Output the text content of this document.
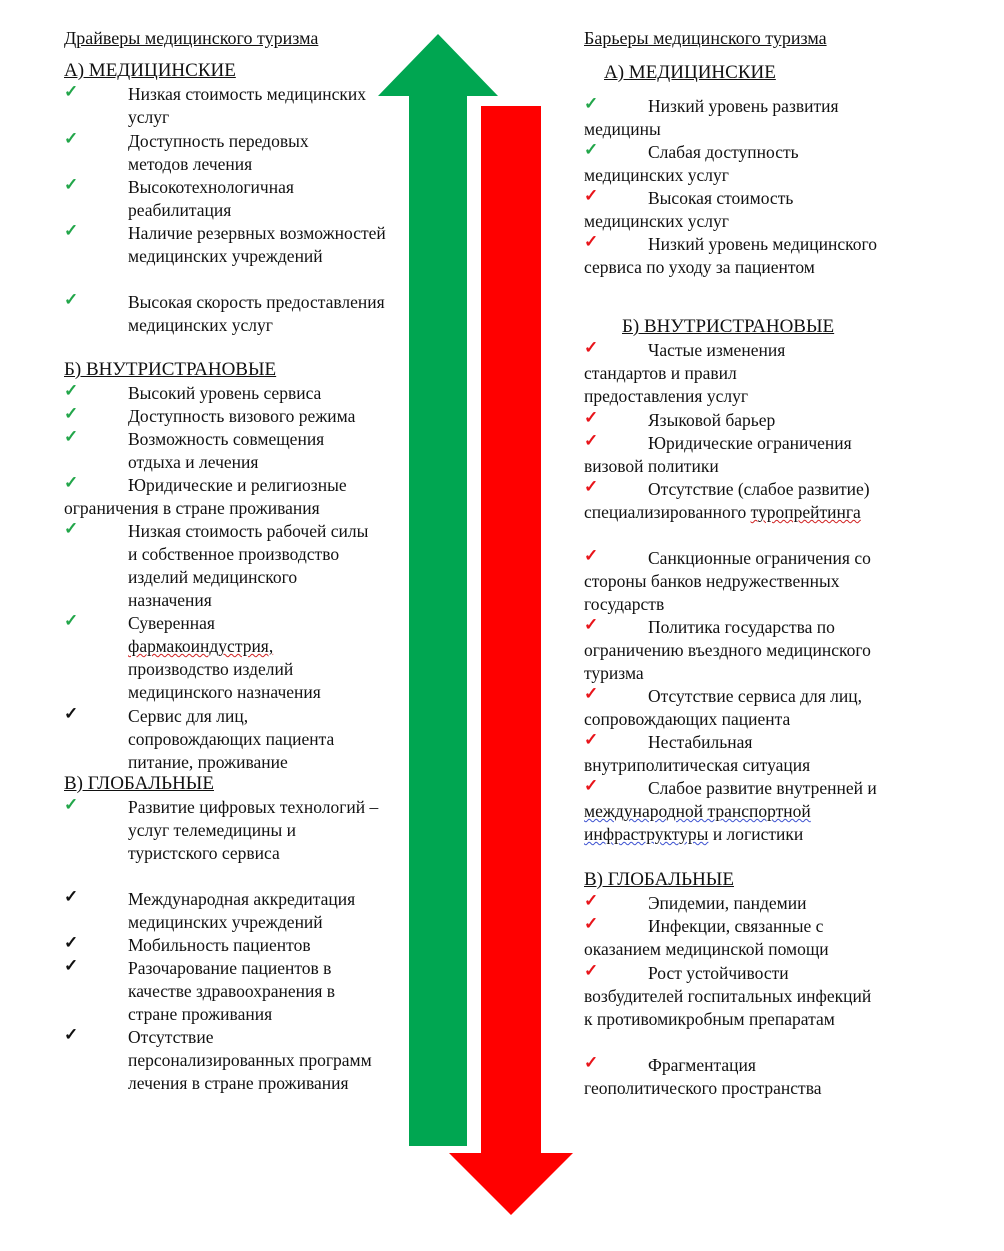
Драйверы медицинского туризма
А) МЕДИЦИНСКИЕ
✓	Низкая стоимость медицинских услуг
✓	Доступность передовых методов лечения
✓	Высокотехнологичная реабилитация
✓	Наличие резервных возможностей медицинских учреждений
✓	Высокая скорость предоставления медицинских услуг
Б) ВНУТРИСТРАНОВЫЕ
✓	Высокий уровень сервиса
✓	Доступность визового режима
✓	Возможность совмещения отдыха и лечения
✓	Юридические и религиозные
ограничения в стране проживания
✓	Низкая стоимость рабочей силы и собственное производство изделий медицинского назначения
✓	Суверенная
фармакоиндустрия,
производство изделий медицинского назначения
✓	Сервис для лиц, сопровождающих пациента питание, проживание
В) ГЛОБАЛЬНЫЕ
✓	Развитие цифровых технологий – услуг телемедицины и туристского сервиса
✓	Международная аккредитация медицинских учреждений
✓	Мобильность пациентов
✓	Разочарование пациентов в качестве здравоохранения в стране проживания
✓	Отсутствие персонализированных программ лечения в стране проживания
Барьеры медицинского туризма
А) МЕДИЦИНСКИЕ
✓	Низкий уровень развития медицины
✓	Слабая доступность медицинских услуг
✓	Высокая стоимость медицинских услуг
✓	Низкий уровень медицинского сервиса по уходу за пациентом
Б) ВНУТРИСТРАНОВЫЕ
✓	Частые изменения стандартов и правил предоставления услуг
✓	Языковой барьер
✓	Юридические ограничения визовой политики
✓	Отсутствие (слабое развитие) специализированного туропрейтинга
✓	Санкционные ограничения со стороны банков недружественных государств
✓	Политика государства по ограничению въездного медицинского туризма
✓	Отсутствие сервиса для лиц, сопровождающих пациента
✓	Нестабильная внутриполитическая ситуация
✓	Слабое развитие внутренней и
международной транспортной
инфраструктуры и логистики
В) ГЛОБАЛЬНЫЕ
✓	Эпидемии, пандемии
✓	Инфекции, связанные с оказанием медицинской помощи
✓	Рост устойчивости возбудителей госпитальных инфекций к противомикробным препаратам
✓	Фрагментация геополитического пространства
